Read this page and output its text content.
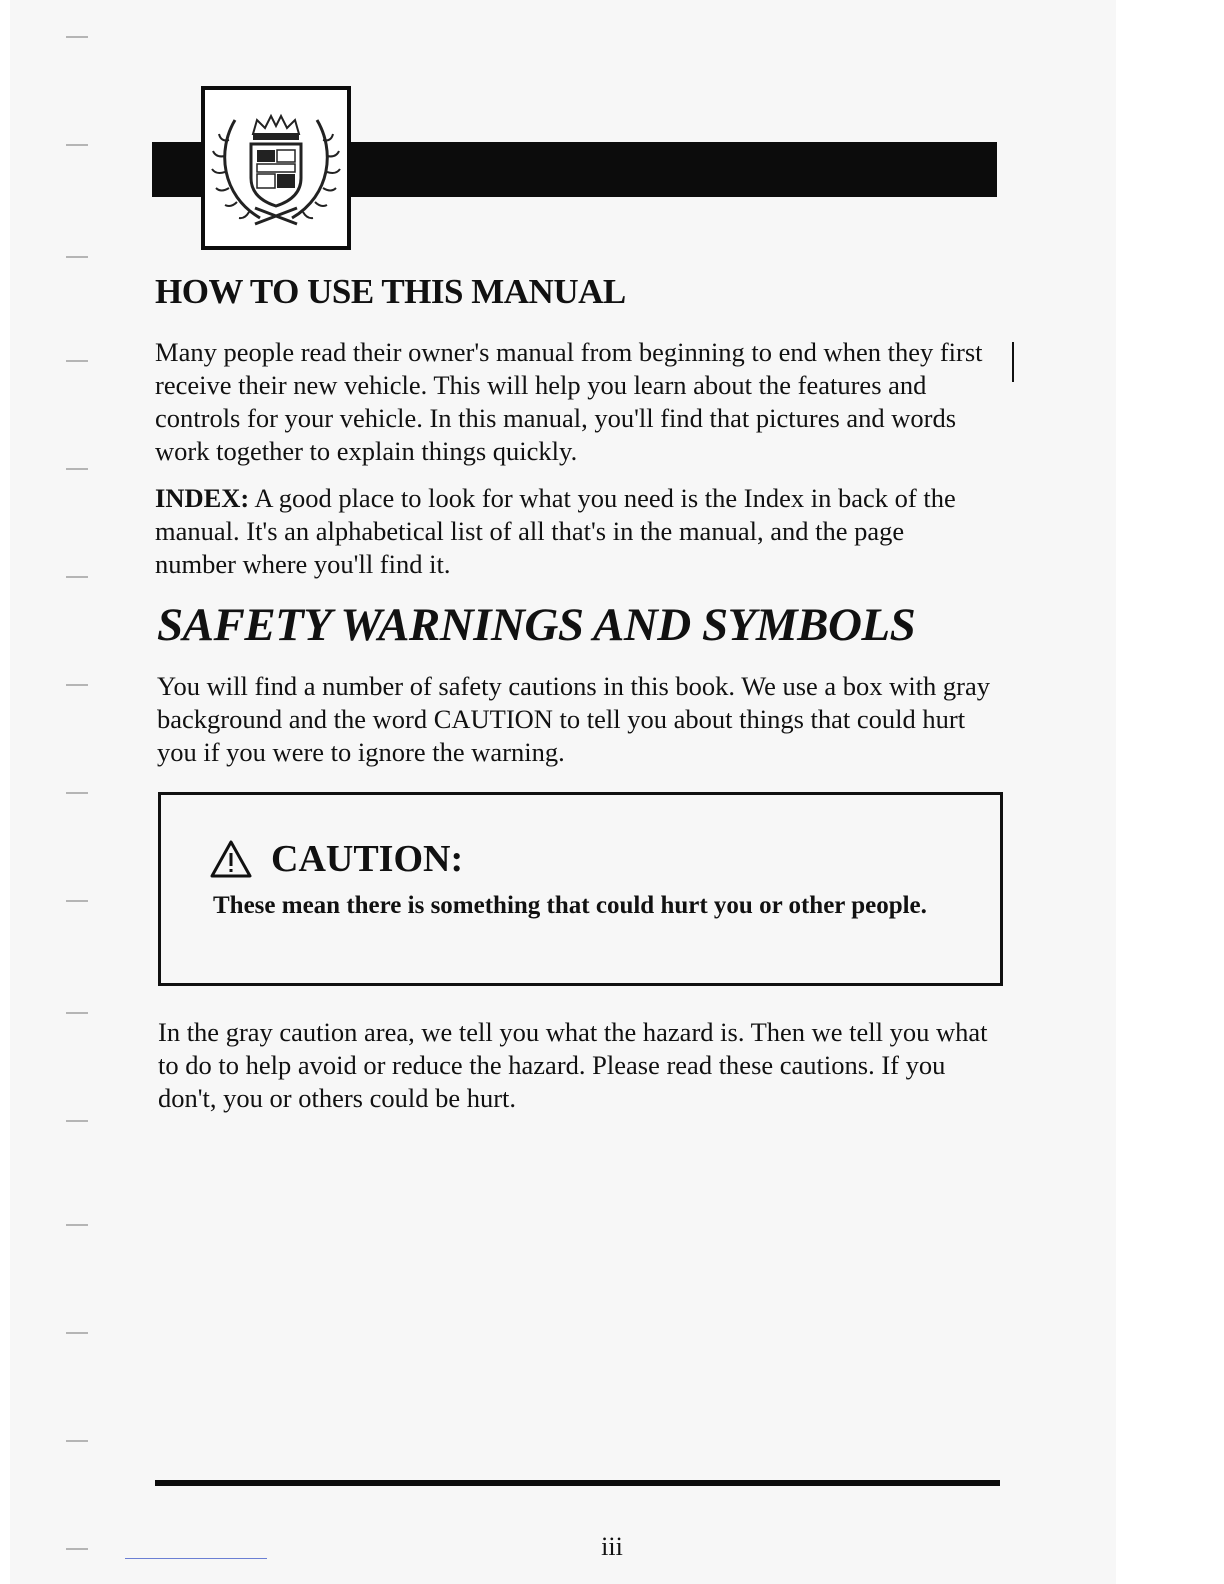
HOW TO USE THIS MANUAL

Many people read their owner's manual from beginning to end when they first receive their new vehicle. This will help you learn about the features and controls for your vehicle. In this manual, you'll find that pictures and words work together to explain things quickly.

INDEX: A good place to look for what you need is the Index in back of the manual. It's an alphabetical list of all that's in the manual, and the page number where you'll find it.

SAFETY WARNINGS AND SYMBOLS

You will find a number of safety cautions in this book. We use a box with gray background and the word CAUTION to tell you about things that could hurt you if you were to ignore the warning.

CAUTION:
These mean there is something that could hurt you or other people.

In the gray caution area, we tell you what the hazard is. Then we tell you what to do to help avoid or reduce the hazard. Please read these cautions. If you don't, you or others could be hurt.

iii
